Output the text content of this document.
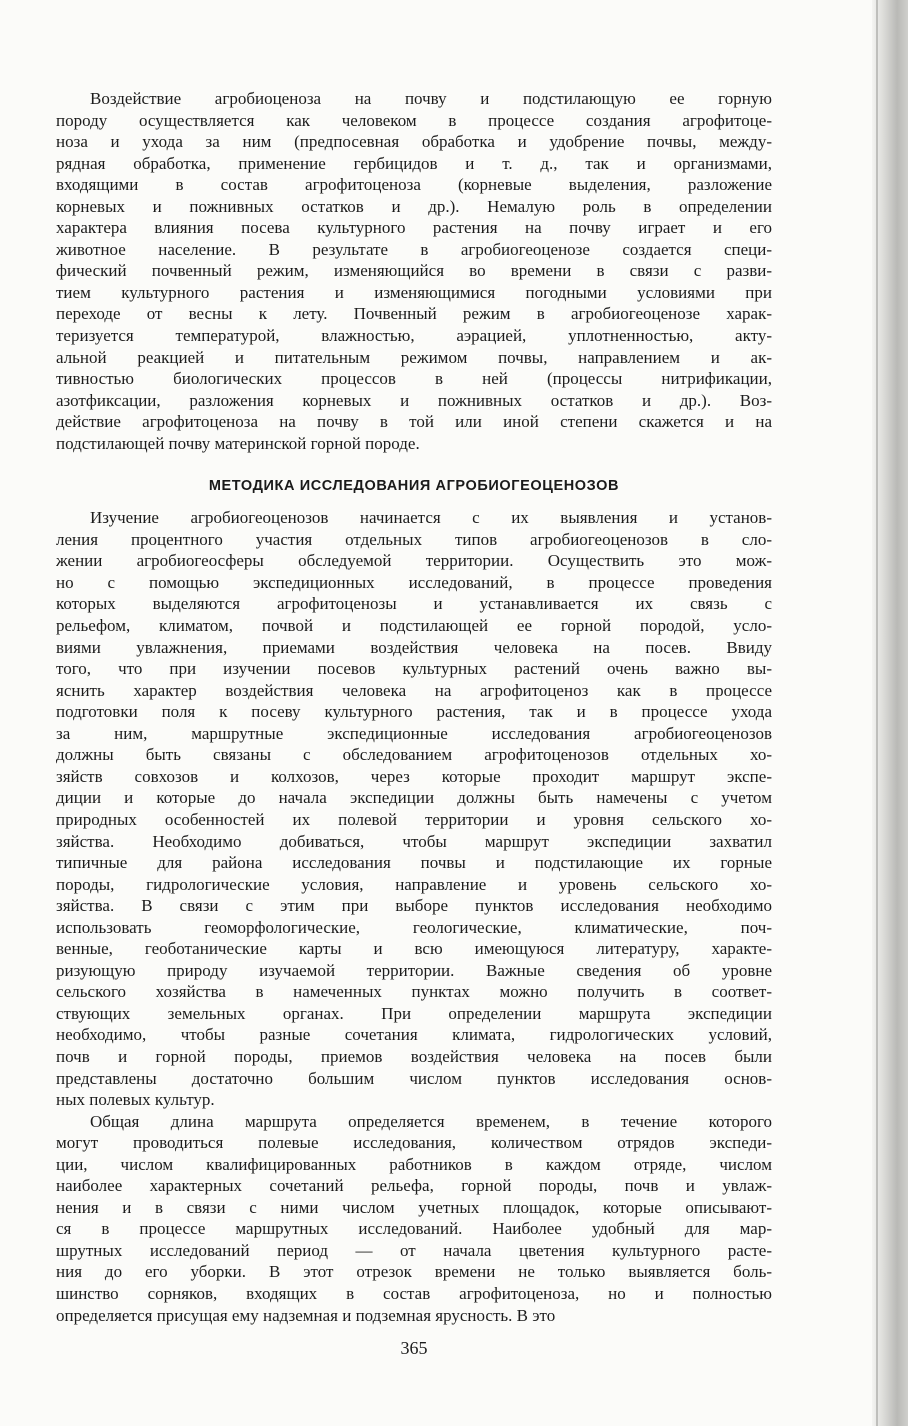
Воздействие агробиоценоза на почву и подстилающую ее горную
породу осуществляется как человеком в процессе создания агрофитоце-
ноза и ухода за ним (предпосевная обработка и удобрение почвы, междy-
рядная обработка, применение гербицидов и т. д., так и организмами,
входящими в состав агрофитоценоза (корневые выделения, разложение
корневых и пожнивных остатков и др.). Немалую роль в определении
характера влияния посева культурного растения на почву играет и его
животное население. В результате в агробиогеоценозе создается специ-
фический почвенный режим, изменяющийся во времени в связи с разви-
тием культурного растения и изменяющимися погодными условиями при
переходе от весны к лету. Почвенный режим в агробиогеоценозе харак-
теризуется температурой, влажностью, аэрацией, уплотненностью, акту-
альной реакцией и питательным режимом почвы, направлением и ак-
тивностью биологических процессов в ней (процессы нитрификации,
азотфиксации, разложения корневых и пожнивных остатков и др.). Воз-
действие агрофитоценоза на почву в той или иной степени скажется и на
подстилающей почву материнской горной породе.
МЕТОДИКА ИССЛЕДОВАНИЯ АГРОБИОГЕОЦЕНОЗОВ
Изучение агробиогеоценозов начинается с их выявления и установ-
ления процентного участия отдельных типов агробиогеоценозов в сло-
жении агробиогеосферы обследуемой территории. Осуществить это мож-
но с помощью экспедиционных исследований, в процессе проведения
которых выделяются агрофитоценозы и устанавливается их связь с
рельефом, климатом, почвой и подстилающей ее горной породой, усло-
виями увлажнения, приемами воздействия человека на посев. Ввиду
того, что при изучении посевов культурных растений очень важно вы-
яснить характер воздействия человека на агрофитоценоз как в процессе
подготовки поля к посеву культурного растения, так и в процессе ухода
за ним, маршрутные экспедиционные исследования агробиогеоценозов
должны быть связаны с обследованием агрофитоценозов отдельных хо-
зяйств совхозов и колхозов, через которые проходит маршрут экспе-
диции и которые до начала экспедиции должны быть намечены с учетом
природных особенностей их полевой территории и уровня сельского хо-
зяйства. Необходимо добиваться, чтобы маршрут экспедиции захватил
типичные для района исследования почвы и подстилающие их горные
породы, гидрологические условия, направление и уровень сельского хо-
зяйства. В связи с этим при выборе пунктов исследования необходимо
использовать геоморфологические, геологические, климатические, поч-
венные, геоботанические карты и всю имеющуюся литературу, характе-
ризующую природу изучаемой территории. Важные сведения об уровне
сельского хозяйства в намеченных пунктах можно получить в соответ-
ствующих земельных органах. При определении маршрута экспедиции
необходимо, чтобы разные сочетания климата, гидрологических условий,
почв и горной породы, приемов воздействия человека на посев были
представлены достаточно большим числом пунктов исследования основ-
ных полевых культур.
Общая длина маршрута определяется временем, в течение которого
могут проводиться полевые исследования, количеством отрядов экспеди-
ции, числом квалифицированных работников в каждом отряде, числом
наиболее характерных сочетаний рельефа, горной породы, почв и увлаж-
нения и в связи с ними числом учетных площадок, которые описывают-
ся в процессе маршрутных исследований. Наиболее удобный для мар-
шрутных исследований период — от начала цветения культурного расте-
ния до его уборки. В этот отрезок времени не только выявляется боль-
шинство сорняков, входящих в состав агрофитоценоза, но и полностью
определяется присущая ему надземная и подземная ярусность. В это
365
